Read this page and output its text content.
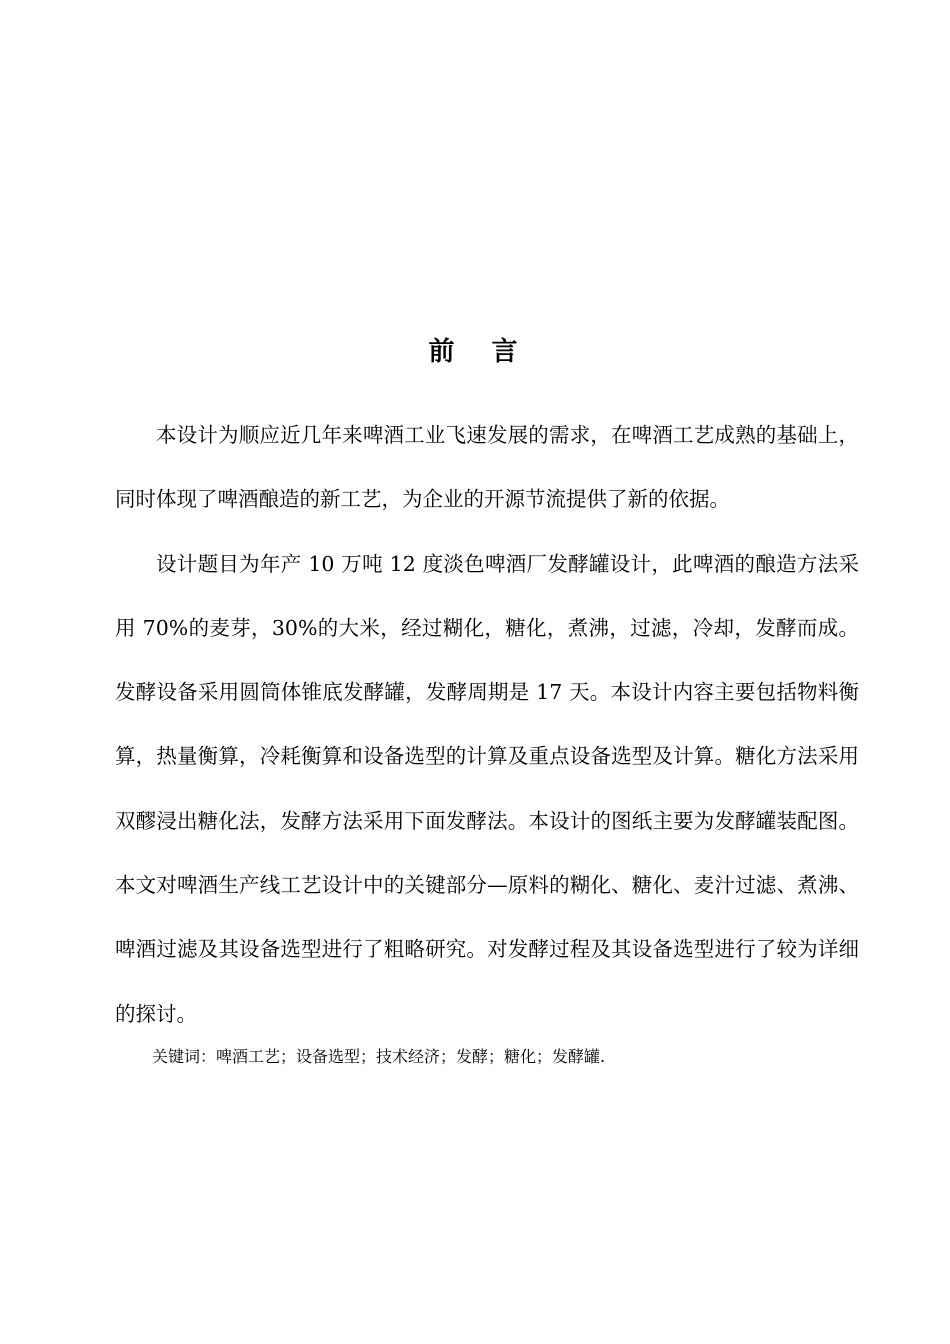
前 言

本设计为顺应近几年来啤酒工业飞速发展的需求，在啤酒工艺成熟的基础上，同时体现了啤酒酿造的新工艺，为企业的开源节流提供了新的依据。

设计题目为年产 10 万吨 12 度淡色啤酒厂发酵罐设计，此啤酒的酿造方法采用 70%的麦芽，30%的大米，经过糊化，糖化，煮沸，过滤，冷却，发酵而成。发酵设备采用圆筒体锥底发酵罐，发酵周期是 17 天。本设计内容主要包括物料衡算，热量衡算，冷耗衡算和设备选型的计算及重点设备选型及计算。糖化方法采用双醪浸出糖化法，发酵方法采用下面发酵法。本设计的图纸主要为发酵罐装配图。本文对啤酒生产线工艺设计中的关键部分—原料的糊化、糖化、麦汁过滤、煮沸、啤酒过滤及其设备选型进行了粗略研究。对发酵过程及其设备选型进行了较为详细的探讨。

关键词：啤酒工艺；设备选型；技术经济；发酵；糖化；发酵罐.
